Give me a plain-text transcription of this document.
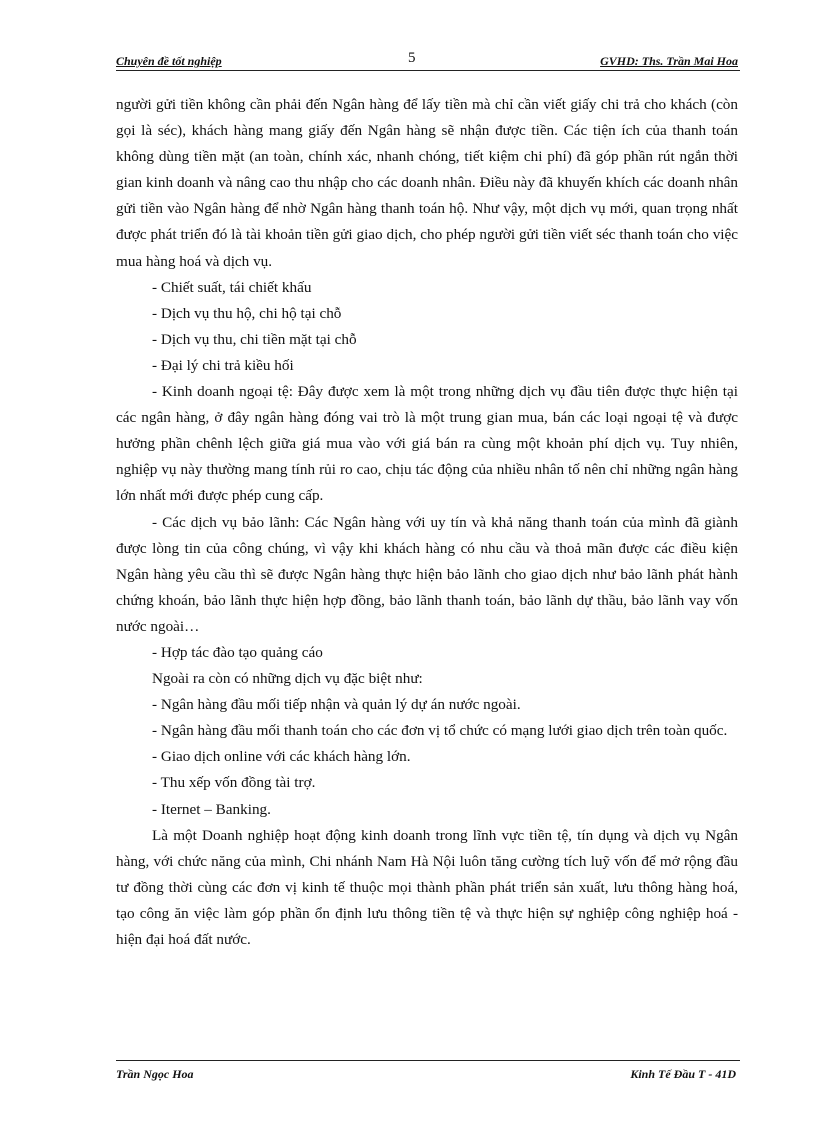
Chuyên đề tốt nghiệp	5	GVHD: Ths. Trần Mai Hoa

người gửi tiền không cần phải đến Ngân hàng để lấy tiền mà chỉ cần viết giấy chi trả cho khách (còn gọi là séc), khách hàng mang giấy đến Ngân hàng sẽ nhận được tiền. Các tiện ích của thanh toán không dùng tiền mặt (an toàn, chính xác, nhanh chóng, tiết kiệm chi phí) đã góp phần rút ngắn thời gian kinh doanh và nâng cao thu nhập cho các doanh nhân. Điều này đã khuyến khích các doanh nhân gửi tiền vào Ngân hàng để nhờ Ngân hàng thanh toán hộ. Như vậy, một dịch vụ mới, quan trọng nhất được phát triển đó là tài khoản tiền gửi giao dịch, cho phép người gửi tiền viết séc thanh toán cho việc mua hàng hoá và dịch vụ.

- Chiết suất, tái chiết khấu

- Dịch vụ thu hộ, chi hộ tại chỗ

- Dịch vụ thu, chi tiền mặt tại chỗ

- Đại lý chi trả kiều hối

- Kinh doanh ngoại tệ: Đây được xem là một trong những dịch vụ đầu tiên được thực hiện tại các ngân hàng, ở đây ngân hàng đóng vai trò là một trung gian mua, bán các loại ngoại tệ và được hưởng phần chênh lệch giữa giá mua vào với giá bán ra cùng một khoản phí dịch vụ. Tuy nhiên, nghiệp vụ này thường mang tính rủi ro cao, chịu tác động của nhiều nhân tố nên chỉ những ngân hàng lớn nhất mới được phép cung cấp.

- Các dịch vụ bảo lãnh: Các Ngân hàng với uy tín và khả năng thanh toán của mình đã giành được lòng tin của công chúng, vì vậy khi khách hàng có nhu cầu và thoả mãn được các điều kiện Ngân hàng yêu cầu thì sẽ được Ngân hàng thực hiện bảo lãnh cho giao dịch như bảo lãnh phát hành chứng khoán, bảo lãnh thực hiện hợp đồng, bảo lãnh thanh toán, bảo lãnh dự thầu, bảo lãnh vay vốn nước ngoài…

- Hợp tác đào tạo quảng cáo

Ngoài ra còn có những dịch vụ đặc biệt như:

- Ngân hàng đầu mối tiếp nhận và quản lý dự án nước ngoài.

- Ngân hàng đầu mối thanh toán cho các đơn vị tổ chức có mạng lưới giao dịch trên toàn quốc.

- Giao dịch online với các khách hàng lớn.

- Thu xếp vốn đồng tài trợ.

- Iternet – Banking.

Là một Doanh nghiệp hoạt động kinh doanh trong lĩnh vực tiền tệ, tín dụng và dịch vụ Ngân hàng, với chức năng của mình, Chi nhánh Nam Hà Nội luôn tăng cường tích luỹ vốn để mở rộng đầu tư đồng thời cùng các đơn vị kinh tế thuộc mọi thành phần phát triển sản xuất, lưu thông hàng hoá, tạo công ăn việc làm góp phần ổn định lưu thông tiền tệ và thực hiện sự nghiệp công nghiệp hoá - hiện đại hoá đất nước.

Trần Ngọc Hoa	Kinh Tế Đầu T - 41D
